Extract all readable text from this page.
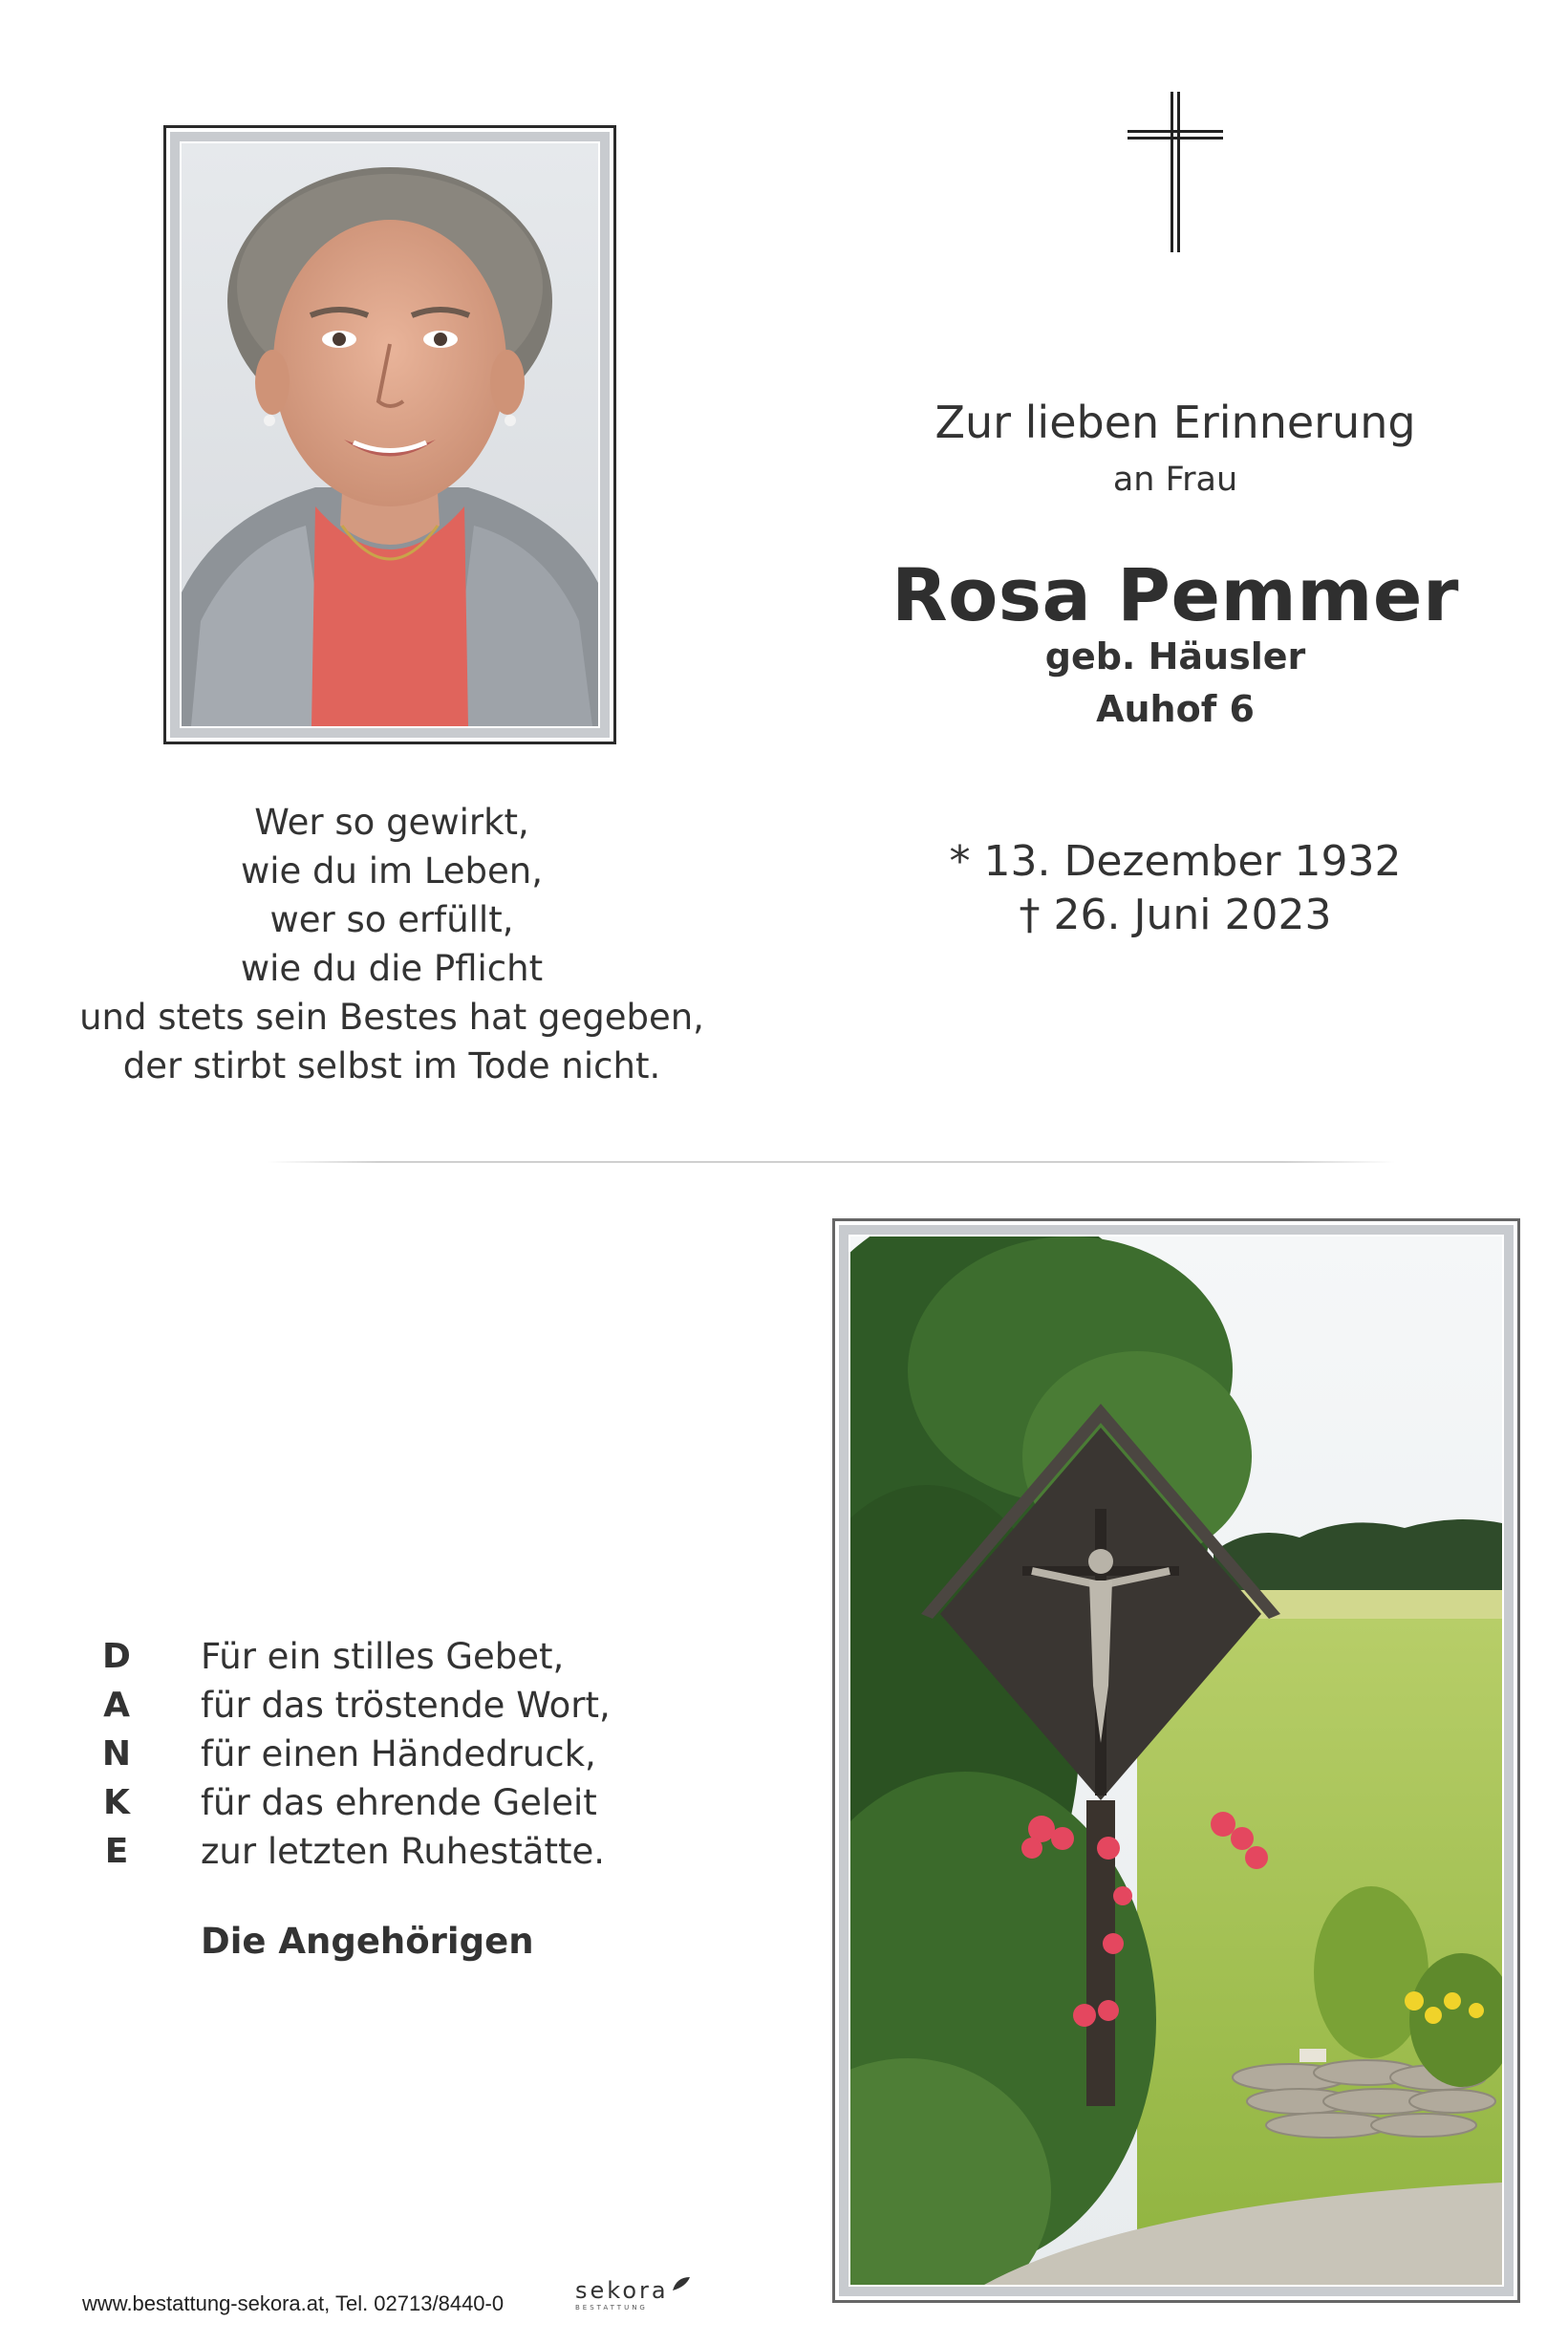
Zur lieben Erinnerung
an Frau
Rosa Pemmer
geb. Häusler
Auhof 6
* 13. Dezember 1932
† 26. Juni 2023
Wer so gewirkt,
wie du im Leben,
wer so erfüllt,
wie du die Pflicht
und stets sein Bestes hat gegeben,
der stirbt selbst im Tode nicht.
D
A
N
K
E
Für ein stilles Gebet,
für das tröstende Wort,
für einen Händedruck,
für das ehrende Geleit
zur letzten Ruhestätte.
Die Angehörigen
www.bestattung-sekora.at, Tel. 02713/8440-0	sekora
BESTATTUNG
